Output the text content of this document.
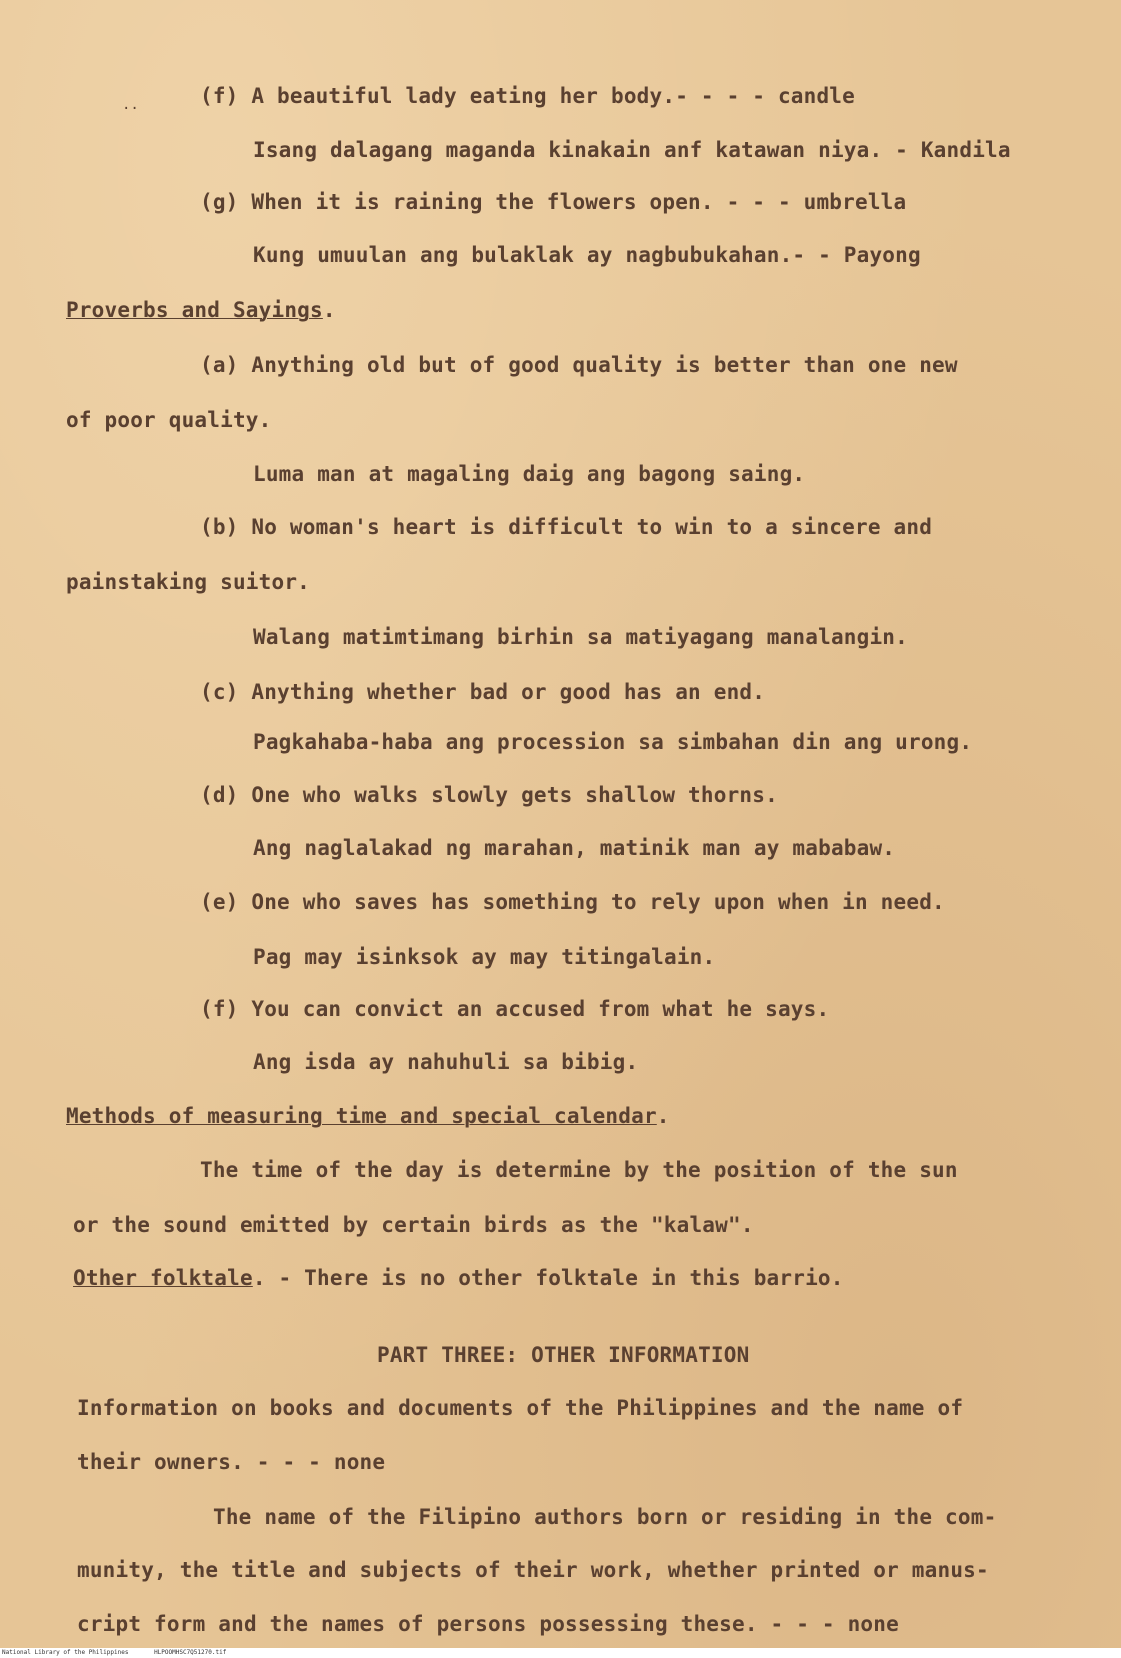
..	(f) A beautiful lady eating her body.- - - - candle
Isang dalagang maganda kinakain anf katawan niya. - Kandila
(g) When it is raining the flowers open. - - - umbrella
Kung umuulan ang bulaklak ay nagbubukahan.- - Payong
Proverbs and Sayings.
(a) Anything old but of good quality is better than one new
of poor quality.
Luma man at magaling daig ang bagong saing.
(b) No woman's heart is difficult to win to a sincere and
painstaking suitor.
Walang matimtimang birhin sa matiyagang manalangin.
(c) Anything whether bad or good has an end.
Pagkahaba-haba ang procession sa simbahan din ang urong.
(d) One who walks slowly gets shallow thorns.
Ang naglalakad ng marahan, matinik man ay mababaw.
(e) One who saves has something to rely upon when in need.
Pag may isinksok ay may titingalain.
(f) You can convict an accused from what he says.
Ang isda ay nahuhuli sa bibig.
Methods of measuring time and special calendar.
The time of the day is determine by the position of the sun
or the sound emitted by certain birds as the "kalaw".
Other folktale. - There is no other folktale in this barrio.
PART THREE: OTHER INFORMATION
Information on books and documents of the Philippines and the name of
their owners. - - - none
The name of the Filipino authors born or residing in the com-
munity, the title and subjects of their work, whether printed or manus-
cript form and the names of persons possessing these. - - - none
National Library of the Philippines	HLPOOMHSC7Q51270.tif
